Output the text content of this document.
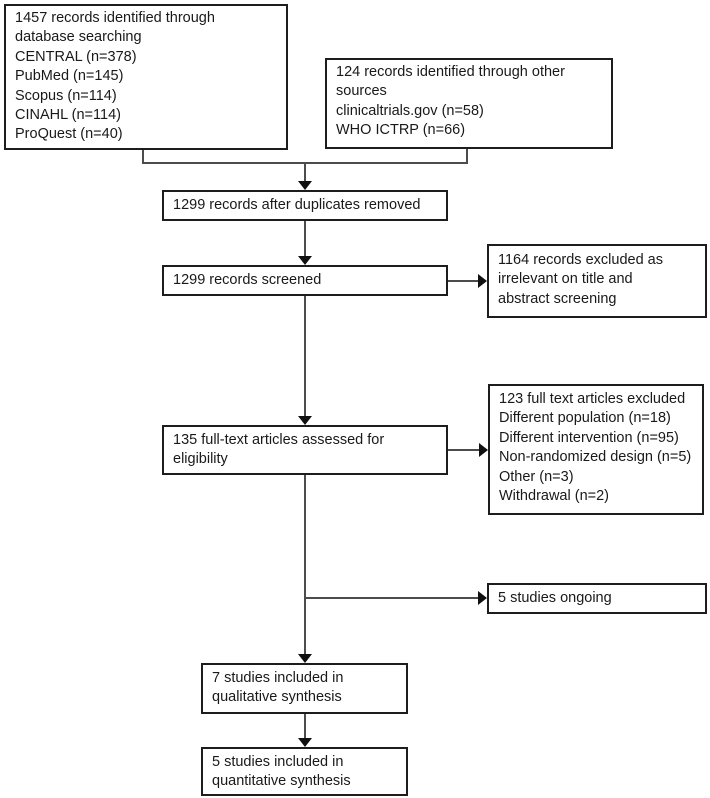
1457 records identified through
database searching
CENTRAL (n=378)
PubMed (n=145)
Scopus (n=114)
CINAHL (n=114)
ProQuest (n=40)
124 records identified through other
sources
clinicaltrials.gov (n=58)
WHO ICTRP (n=66)
1299 records after duplicates removed
1299 records screened
1164 records excluded as
irrelevant on title and
abstract screening
135 full-text articles assessed for
eligibility
123 full text articles excluded
Different population (n=18)
Different intervention (n=95)
Non-randomized design (n=5)
Other (n=3)
Withdrawal (n=2)
5 studies ongoing
7 studies included in
qualitative synthesis
5 studies included in
quantitative synthesis
